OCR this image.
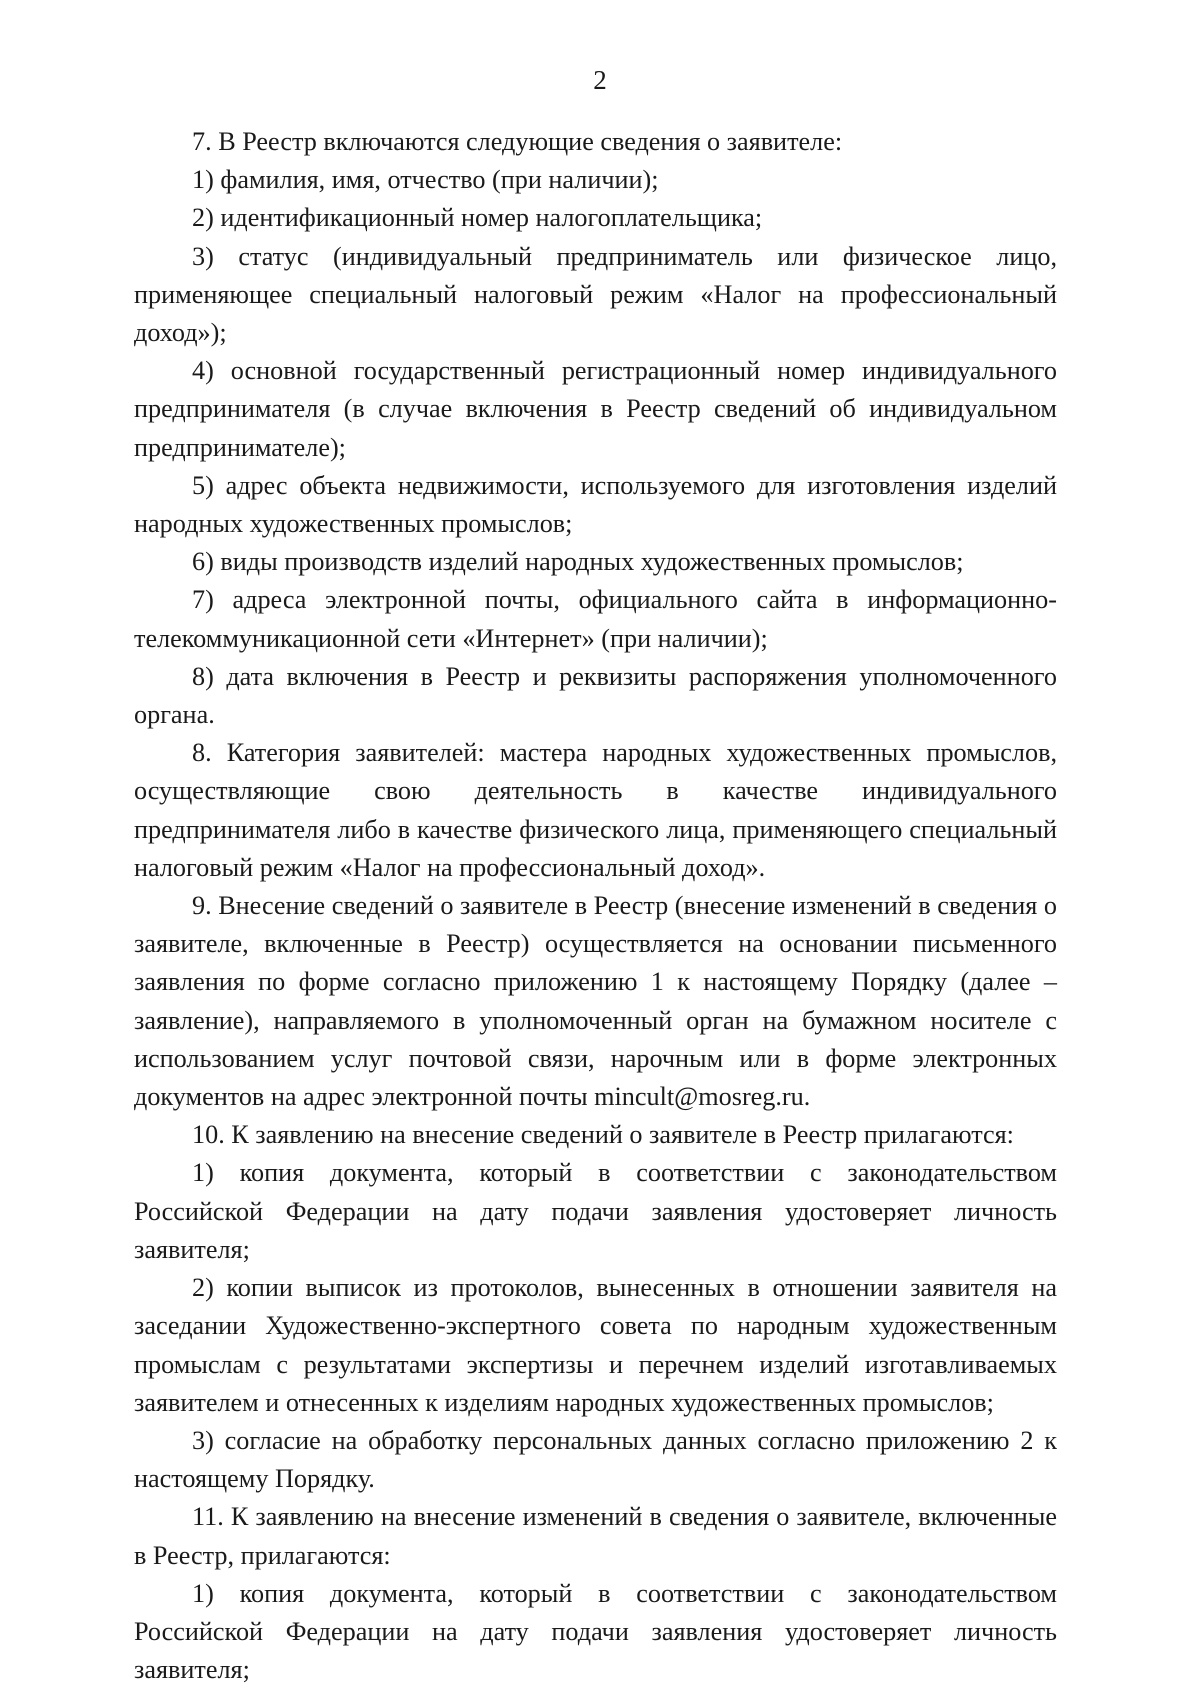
2

7. В Реестр включаются следующие сведения о заявителе:

1) фамилия, имя, отчество (при наличии);

2) идентификационный номер налогоплательщика;

3) статус (индивидуальный предприниматель или физическое лицо, применяющее специальный налоговый режим «Налог на профессиональный доход»);

4) основной государственный регистрационный номер индивидуального предпринимателя (в случае включения в Реестр сведений об индивидуальном предпринимателе);

5) адрес объекта недвижимости, используемого для изготовления изделий народных художественных промыслов;

6) виды производств изделий народных художественных промыслов;

7) адреса электронной почты, официального сайта в информационно-телекоммуникационной сети «Интернет» (при наличии);

8) дата включения в Реестр и реквизиты распоряжения уполномоченного органа.

8. Категория заявителей: мастера народных художественных промыслов, осуществляющие свою деятельность в качестве индивидуального предпринимателя либо в качестве физического лица, применяющего специальный налоговый режим «Налог на профессиональный доход».

9. Внесение сведений о заявителе в Реестр (внесение изменений в сведения о заявителе, включенные в Реестр) осуществляется на основании письменного заявления по форме согласно приложению 1 к настоящему Порядку (далее – заявление), направляемого в уполномоченный орган на бумажном носителе с использованием услуг почтовой связи, нарочным или в форме электронных документов на адрес электронной почты mincult@mosreg.ru.

10. К заявлению на внесение сведений о заявителе в Реестр прилагаются:

1) копия документа, который в соответствии с законодательством Российской Федерации на дату подачи заявления удостоверяет личность заявителя;

2) копии выписок из протоколов, вынесенных в отношении заявителя на заседании Художественно-экспертного совета по народным художественным промыслам с результатами экспертизы и перечнем изделий изготавливаемых заявителем и отнесенных к изделиям народных художественных промыслов;

3) согласие на обработку персональных данных согласно приложению 2 к настоящему Порядку.

11. К заявлению на внесение изменений в сведения о заявителе, включенные в Реестр, прилагаются:

1) копия документа, который в соответствии с законодательством Российской Федерации на дату подачи заявления удостоверяет личность заявителя;
